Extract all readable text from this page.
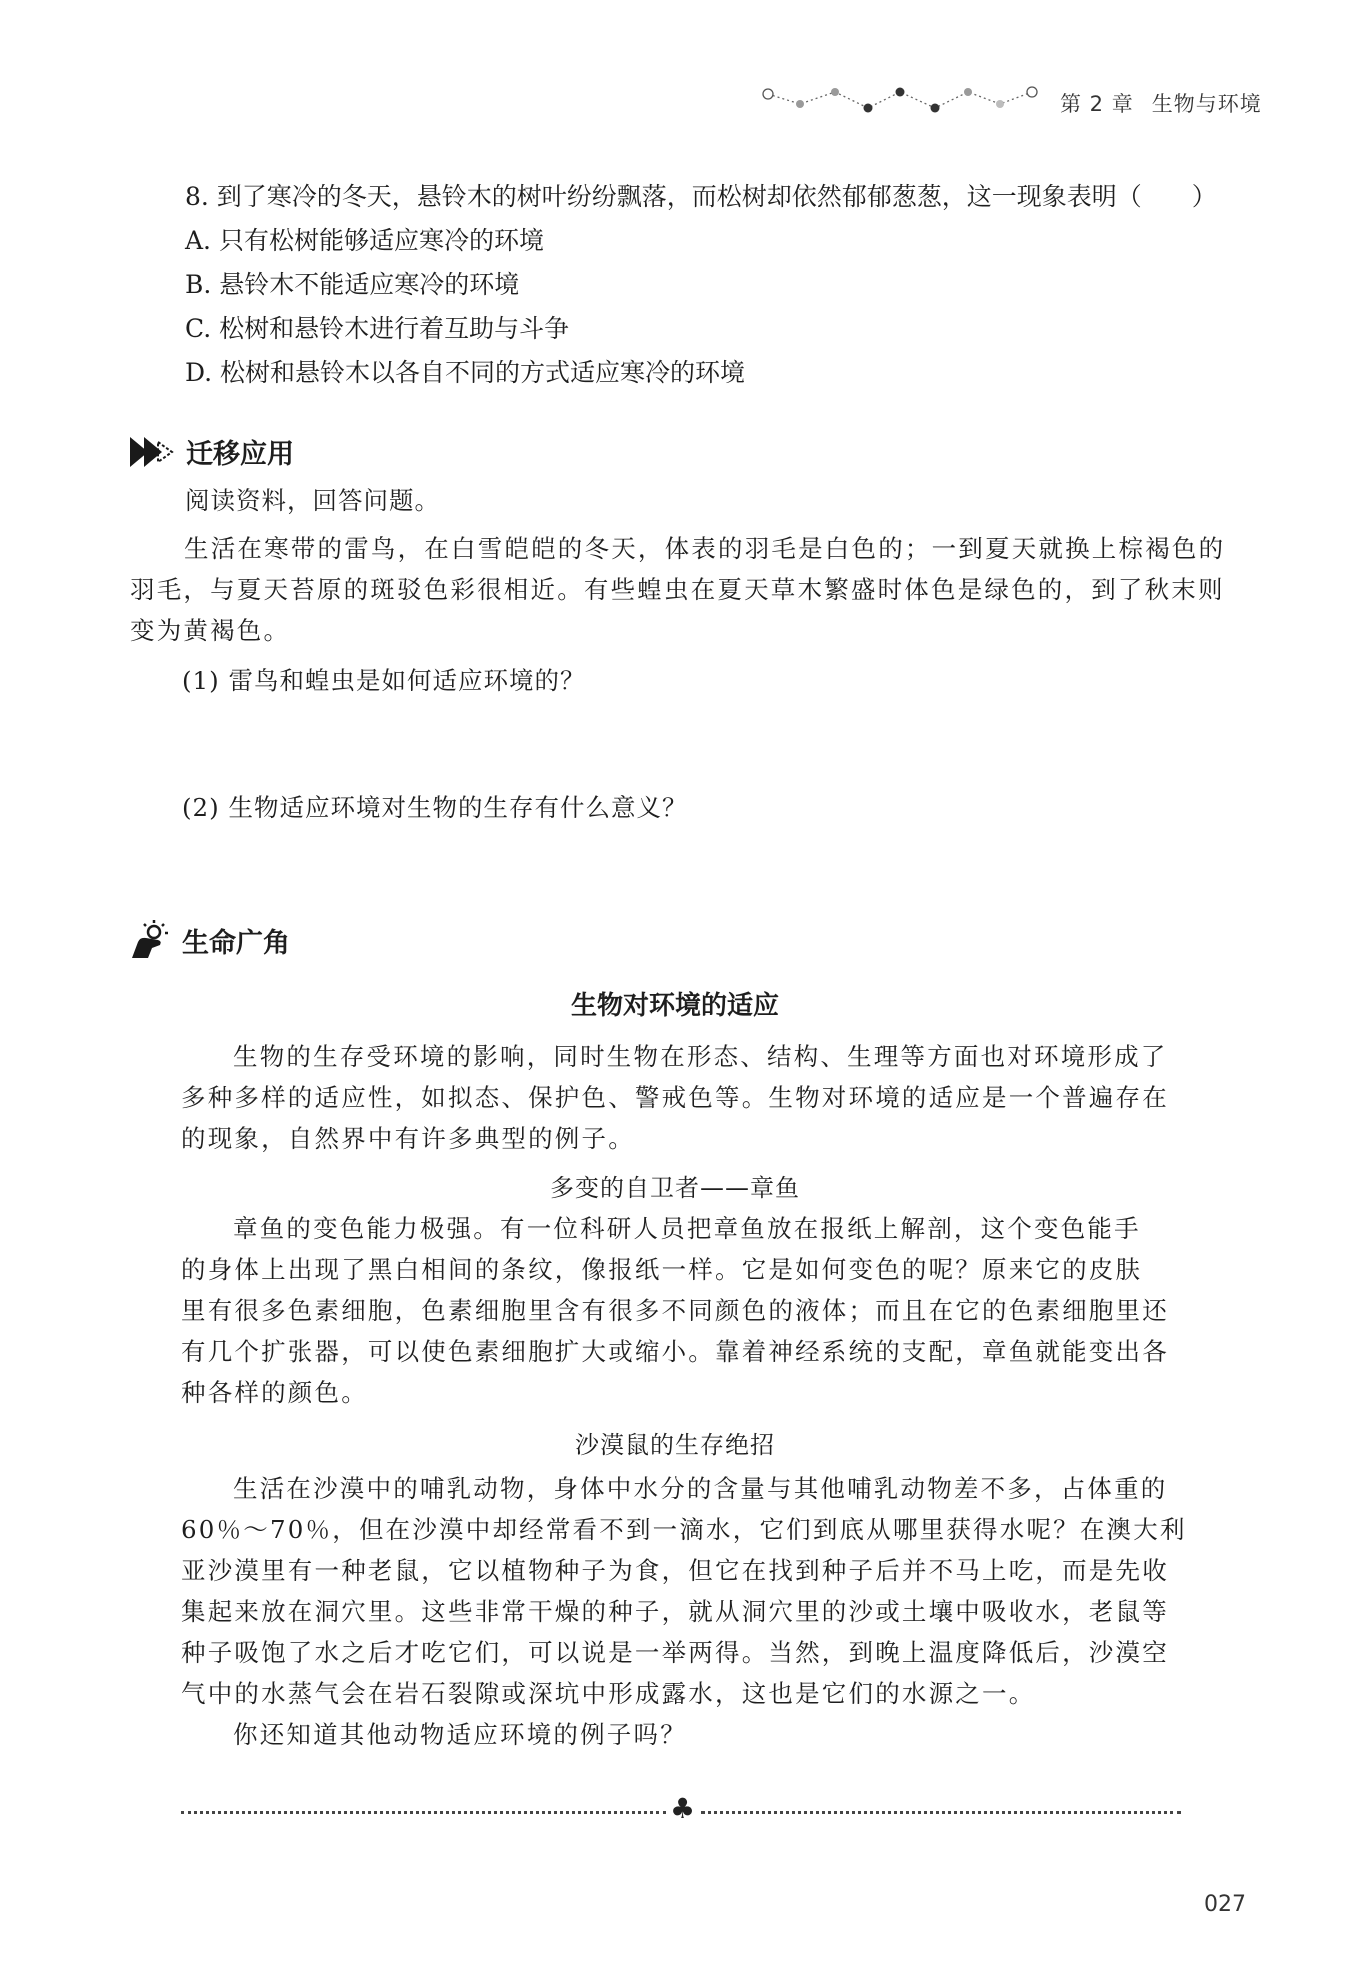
第 2 章 生物与环境
8. 到了寒冷的冬天，悬铃木的树叶纷纷飘落，而松树却依然郁郁葱葱，这一现象表明（　　）
A. 只有松树能够适应寒冷的环境
B. 悬铃木不能适应寒冷的环境
C. 松树和悬铃木进行着互助与斗争
D. 松树和悬铃木以各自不同的方式适应寒冷的环境
迁移应用
阅读资料，回答问题。
生活在寒带的雷鸟，在白雪皑皑的冬天，体表的羽毛是白色的；一到夏天就换上棕褐色的
羽毛，与夏天苔原的斑驳色彩很相近。有些蝗虫在夏天草木繁盛时体色是绿色的，到了秋末则
变为黄褐色。
(1) 雷鸟和蝗虫是如何适应环境的？
(2) 生物适应环境对生物的生存有什么意义？
生命广角
生物对环境的适应
生物的生存受环境的影响，同时生物在形态、结构、生理等方面也对环境形成了
多种多样的适应性，如拟态、保护色、警戒色等。生物对环境的适应是一个普遍存在
的现象，自然界中有许多典型的例子。
多变的自卫者——章鱼
章鱼的变色能力极强。有一位科研人员把章鱼放在报纸上解剖，这个变色能手
的身体上出现了黑白相间的条纹，像报纸一样。它是如何变色的呢？原来它的皮肤
里有很多色素细胞，色素细胞里含有很多不同颜色的液体；而且在它的色素细胞里还
有几个扩张器，可以使色素细胞扩大或缩小。靠着神经系统的支配，章鱼就能变出各
种各样的颜色。
沙漠鼠的生存绝招
生活在沙漠中的哺乳动物，身体中水分的含量与其他哺乳动物差不多，占体重的
60％～70％，但在沙漠中却经常看不到一滴水，它们到底从哪里获得水呢？在澳大利
亚沙漠里有一种老鼠，它以植物种子为食，但它在找到种子后并不马上吃，而是先收
集起来放在洞穴里。这些非常干燥的种子，就从洞穴里的沙或土壤中吸收水，老鼠等
种子吸饱了水之后才吃它们，可以说是一举两得。当然，到晚上温度降低后，沙漠空
气中的水蒸气会在岩石裂隙或深坑中形成露水，这也是它们的水源之一。
你还知道其他动物适应环境的例子吗？
♣
027
